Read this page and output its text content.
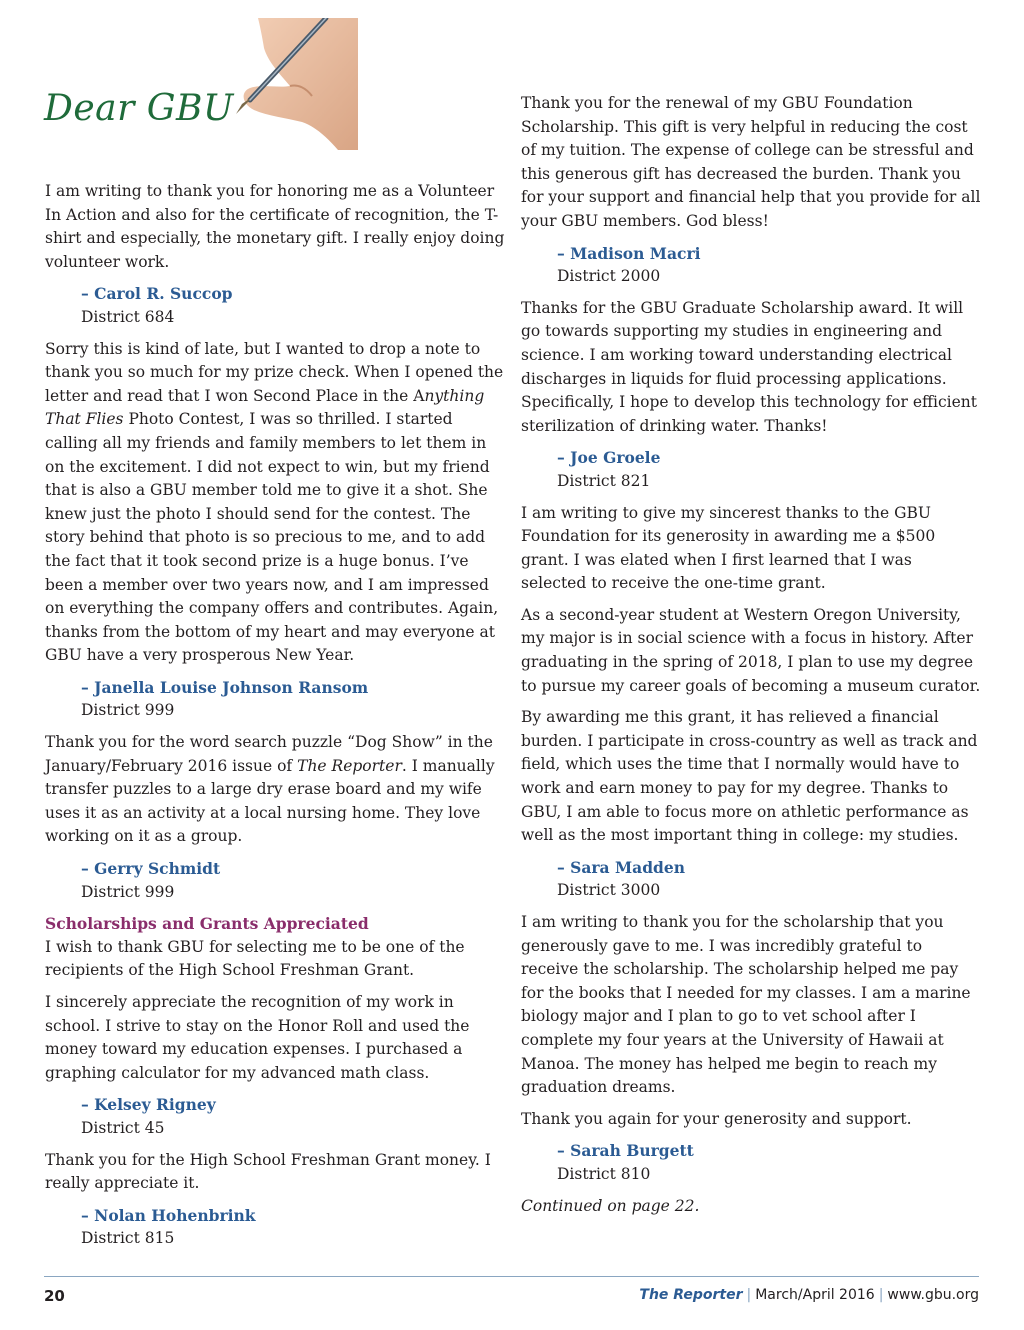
Dear GBU

I am writing to thank you for honoring me as a Volunteer In Action and also for the certificate of recognition, the T-shirt and especially, the monetary gift. I really enjoy doing volunteer work.

– Carol R. Succop
District 684

Sorry this is kind of late, but I wanted to drop a note to thank you so much for my prize check. When I opened the letter and read that I won Second Place in the Anything That Flies Photo Contest, I was so thrilled. I started calling all my friends and family members to let them in on the excitement. I did not expect to win, but my friend that is also a GBU member told me to give it a shot. She knew just the photo I should send for the contest. The story behind that photo is so precious to me, and to add the fact that it took second prize is a huge bonus. I’ve been a member over two years now, and I am impressed on everything the company offers and contributes. Again, thanks from the bottom of my heart and may everyone at GBU have a very prosperous New Year.

– Janella Louise Johnson Ransom
District 999

Thank you for the word search puzzle “Dog Show” in the January/February 2016 issue of The Reporter. I manually transfer puzzles to a large dry erase board and my wife uses it as an activity at a local nursing home. They love working on it as a group.

– Gerry Schmidt
District 999
Scholarships and Grants Appreciated

I wish to thank GBU for selecting me to be one of the recipients of the High School Freshman Grant.

I sincerely appreciate the recognition of my work in school. I strive to stay on the Honor Roll and used the money toward my education expenses. I purchased a graphing calculator for my advanced math class.

– Kelsey Rigney
District 45

Thank you for the High School Freshman Grant money. I really appreciate it.

– Nolan Hohenbrink
District 815

Thank you for the renewal of my GBU Foundation Scholarship. This gift is very helpful in reducing the cost of my tuition. The expense of college can be stressful and this generous gift has decreased the burden. Thank you for your support and financial help that you provide for all your GBU members. God bless!

– Madison Macri
District 2000

Thanks for the GBU Graduate Scholarship award. It will go towards supporting my studies in engineering and science. I am working toward understanding electrical discharges in liquids for fluid processing applications. Specifically, I hope to develop this technology for efficient sterilization of drinking water. Thanks!

– Joe Groele
District 821

I am writing to give my sincerest thanks to the GBU Foundation for its generosity in awarding me a $500 grant. I was elated when I first learned that I was selected to receive the one-time grant.

As a second-year student at Western Oregon University, my major is in social science with a focus in history. After graduating in the spring of 2018, I plan to use my degree to pursue my career goals of becoming a museum curator.

By awarding me this grant, it has relieved a financial burden. I participate in cross-country as well as track and field, which uses the time that I normally would have to work and earn money to pay for my degree. Thanks to GBU, I am able to focus more on athletic performance as well as the most important thing in college: my studies.

– Sara Madden
District 3000

I am writing to thank you for the scholarship that you generously gave to me. I was incredibly grateful to receive the scholarship. The scholarship helped me pay for the books that I needed for my classes. I am a marine biology major and I plan to go to vet school after I complete my four years at the University of Hawaii at Manoa. The money has helped me begin to reach my graduation dreams.

Thank you again for your generosity and support.

– Sarah Burgett
District 810

Continued on page 22.

20	The Reporter | March/April 2016 | www.gbu.org
